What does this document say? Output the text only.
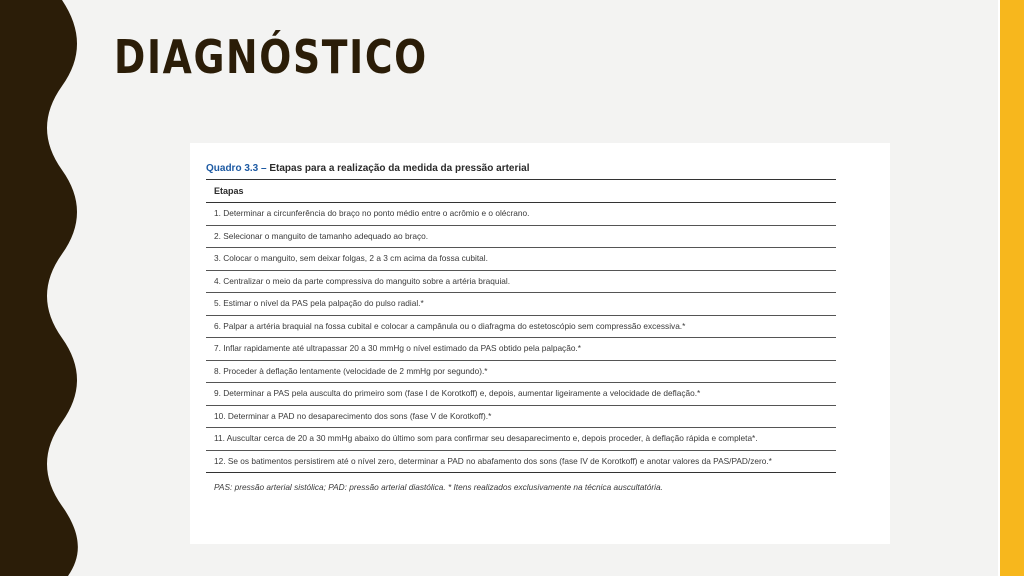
DIAGNÓSTICO
Quadro 3.3 – Etapas para a realização da medida da pressão arterial
Etapas
1. Determinar a circunferência do braço no ponto médio entre o acrômio e o olécrano.
2. Selecionar o manguito de tamanho adequado ao braço.
3. Colocar o manguito, sem deixar folgas, 2 a 3 cm acima da fossa cubital.
4. Centralizar o meio da parte compressiva do manguito sobre a artéria braquial.
5. Estimar o nível da PAS pela palpação do pulso radial.*
6. Palpar a artéria braquial na fossa cubital e colocar a campânula ou o diafragma do estetoscópio sem compressão excessiva.*
7. Inflar rapidamente até ultrapassar 20 a 30 mmHg o nível estimado da PAS obtido pela palpação.*
8. Proceder à deflação lentamente (velocidade de 2 mmHg por segundo).*
9. Determinar a PAS pela ausculta do primeiro som (fase I de Korotkoff) e, depois, aumentar ligeiramente a velocidade de deflação.*
10. Determinar a PAD no desaparecimento dos sons (fase V de Korotkoff).*
11. Auscultar cerca de 20 a 30 mmHg abaixo do último som para confirmar seu desaparecimento e, depois proceder, à deflação rápida e completa*.
12. Se os batimentos persistirem até o nível zero, determinar a PAD no abafamento dos sons (fase IV de Korotkoff) e anotar valores da PAS/PAD/zero.*
PAS: pressão arterial sistólica; PAD: pressão arterial diastólica. * Itens realizados exclusivamente na técnica auscultatória.
